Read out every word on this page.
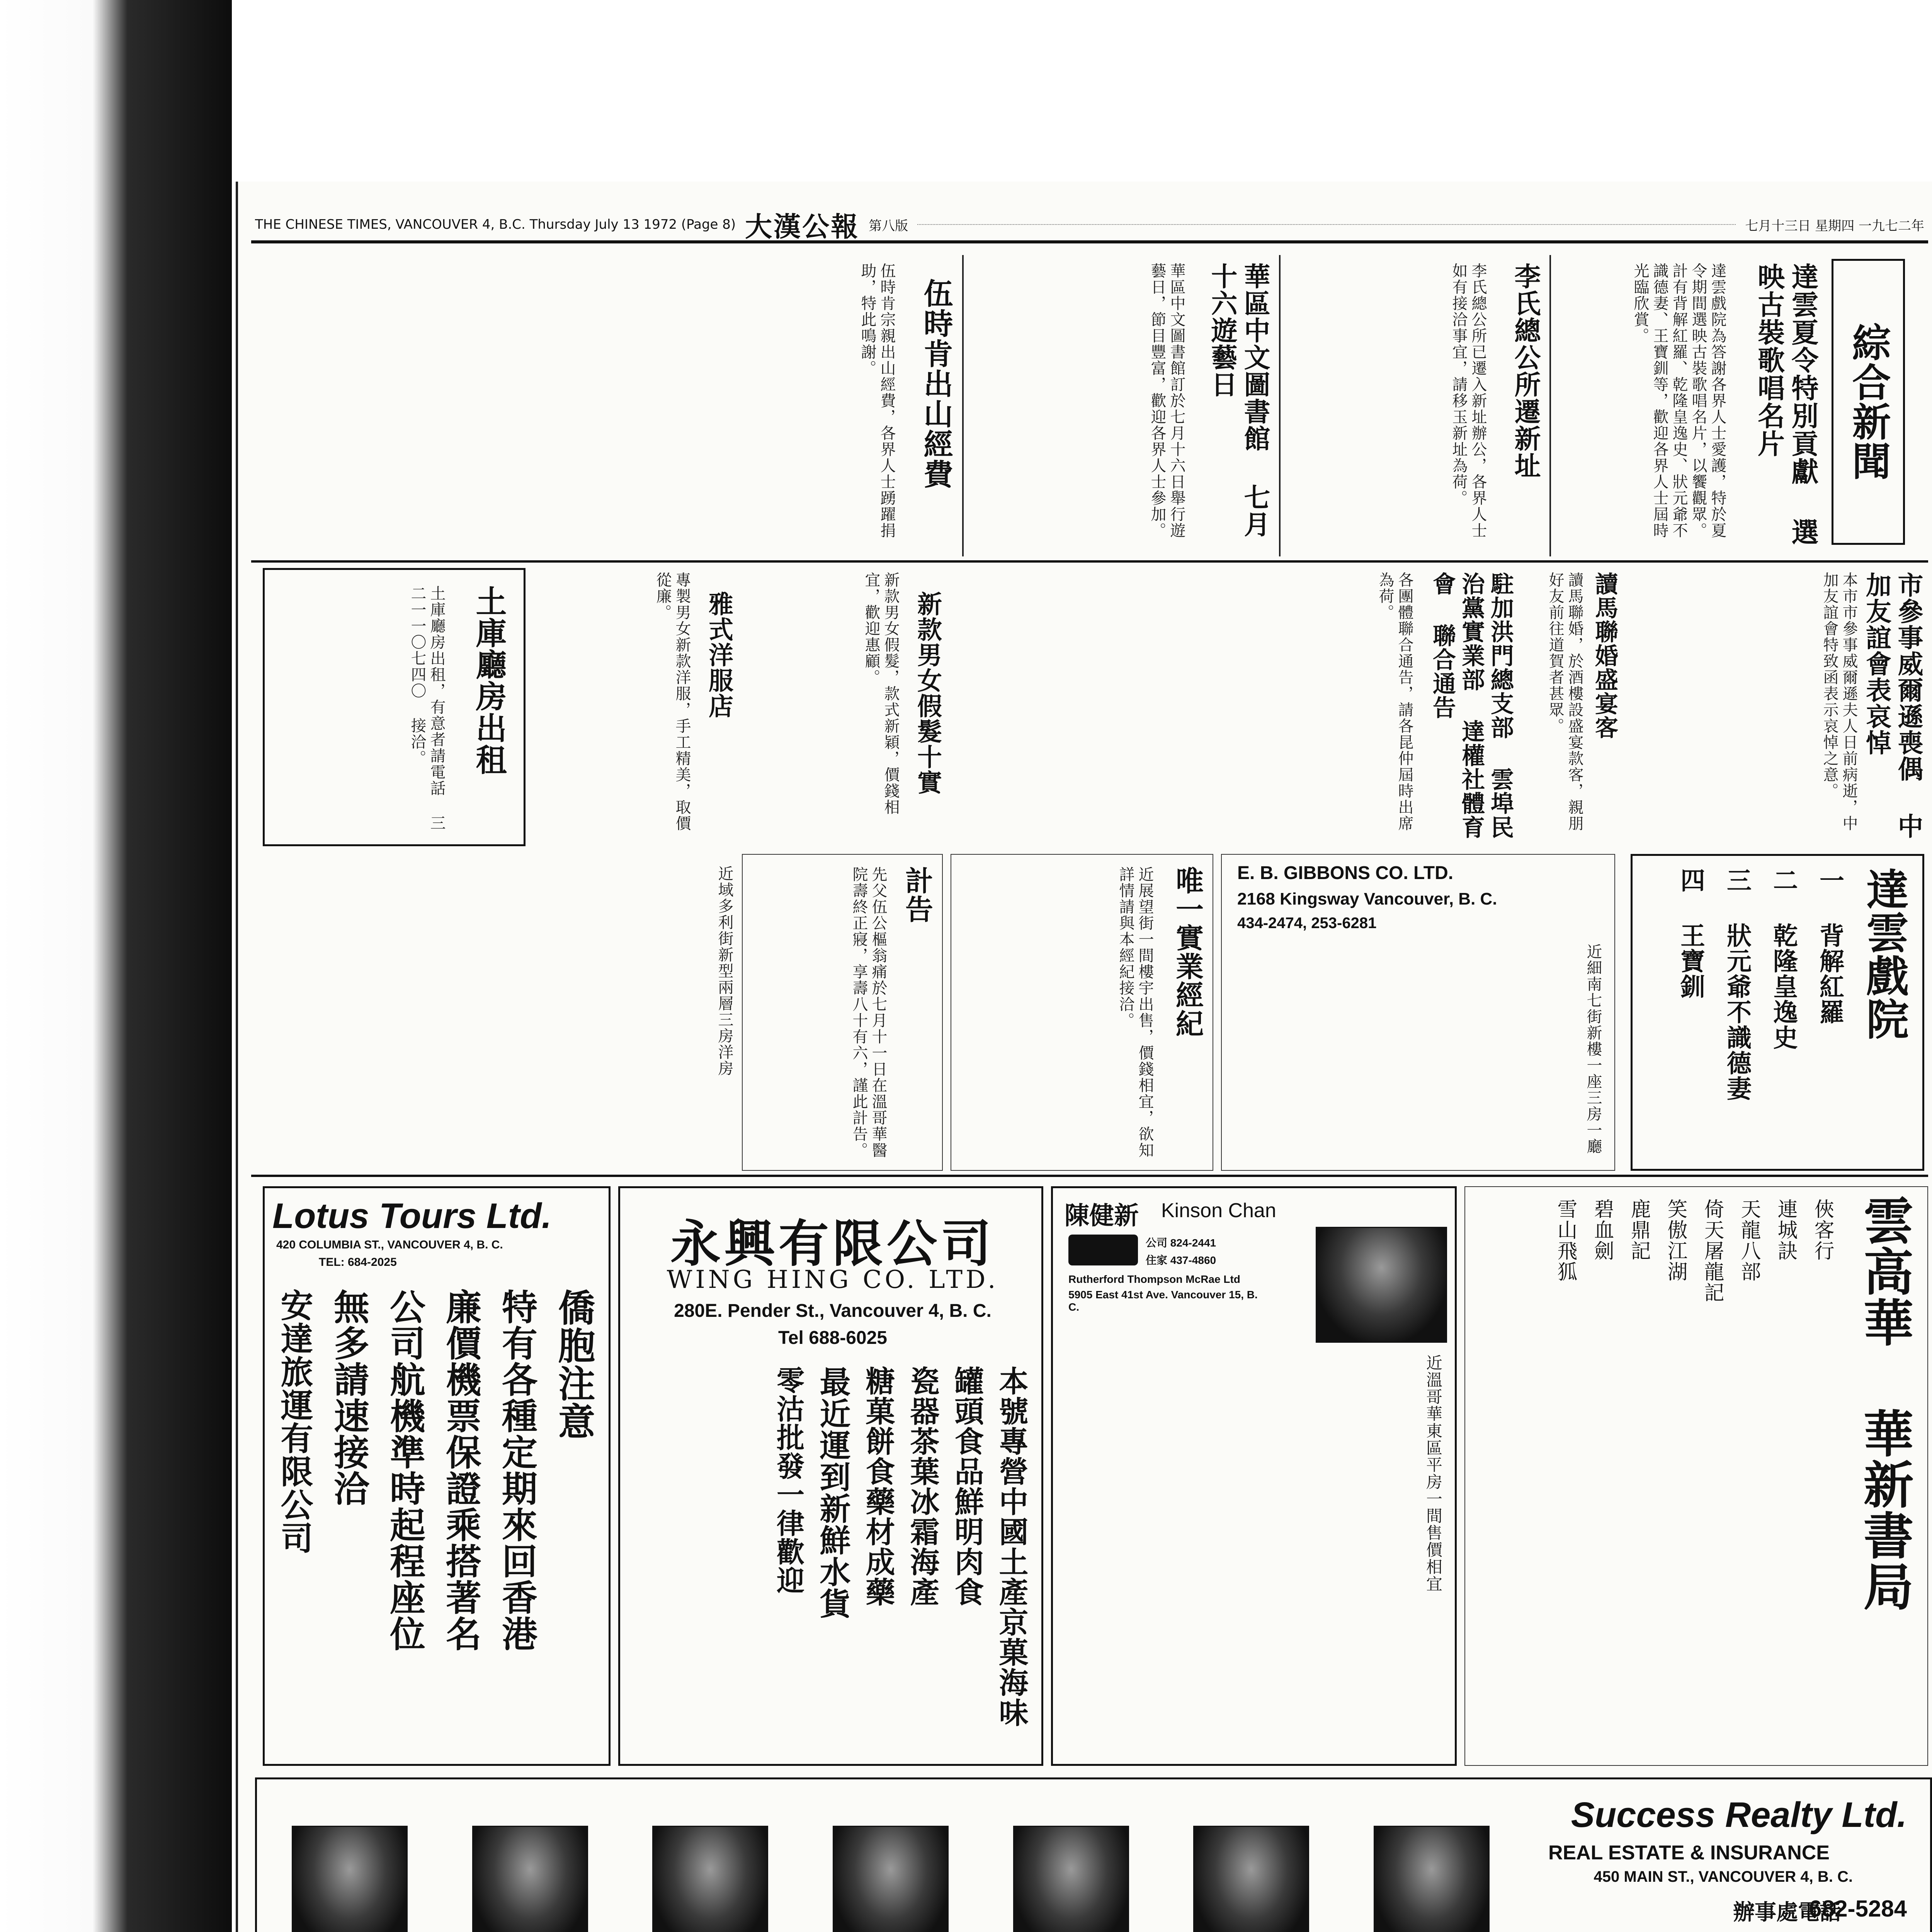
THE CHINESE TIMES, VANCOUVER 4, B.C. Thursday July 13 1972 (Page 8) 大漢公報 第八版	七月十三日 星期四 一九七二年
綜合新聞
達雲夏令特別貢獻 選映古裝歌唱名片
達雲戲院為答謝各界人士愛護，特於夏令期間選映古裝歌唱名片，以饗觀眾。計有背解紅羅、乾隆皇逸史、狀元爺不識德妻、王寶釧等，歡迎各界人士屆時光臨欣賞。
李氏總公所遷新址
李氏總公所已遷入新址辦公，各界人士如有接洽事宜，請移玉新址為荷。
華區中文圖書館 七月十六遊藝日
華區中文圖書館訂於七月十六日舉行遊藝日，節目豐富，歡迎各界人士參加。
伍時肯出山經費
伍時肯宗親出山經費，各界人士踴躍捐助，特此鳴謝。
市參事威爾遜喪偶 中加友誼會表哀悼
本市市參事威爾遜夫人日前病逝，中加友誼會特致函表示哀悼之意。
讀馬聯婚盛宴客
讀馬聯婚，於酒樓設盛宴款客，親朋好友前往道賀者甚眾。
駐加洪門總支部 雲埠民治黨實業部 達權社體育會 聯合通告
各團體聯合通告，請各昆仲屆時出席為荷。
新款男女假髮十實
新款男女假髮，款式新穎，價錢相宜，歡迎惠顧。
雅式洋服店
專製男女新款洋服，手工精美，取價從廉。
土庫廳房出租
土庫廳房出租，有意者請電話 三二一一〇七四〇 接洽。
達雲戲院
一 背解紅羅
二 乾隆皇逸史
三 狀元爺不識德妻
四 王寶釧
E. B. GIBBONS CO. LTD.
2168 Kingsway Vancouver, B. C.
434-2474, 253-6281
近細南七街新樓一座三房一廳
計告
先父伍公樞翁痛於七月十一日在溫哥華醫院壽終正寢，享壽八十有六，謹此計告。	唯一實業經紀
近展望街一間樓宇出售，價錢相宜，欲知詳情請與本經紀接洽。
近域多利街新型兩層三房洋房
Lotus Tours Ltd.
420 COLUMBIA ST., VANCOUVER 4, B. C.
TEL: 684-2025
僑胞注意
特有各種定期來回香港
廉價機票保證乘搭著名
公司航機準時起程座位
無多請速接洽
安達旅運有限公司
永興有限公司
WING HING CO. LTD.
280E. Pender St., Vancouver 4, B. C.
Tel 688-6025
本號專營中國土產京菓海味
罐頭食品鮮明肉食
瓷器茶葉冰霜海產
糖菓餅食藥材成藥
最近運到新鮮水貨
零沽批發一律歡迎
陳健新 Kinson Chan
公司 824-2441
住家 437-4860
Rutherford Thompson McRae Ltd
5905 East 41st Ave. Vancouver 15, B. C.
近溫哥華東區平房一間售價相宜	雲高華 華新書局
俠客行
連城訣
天龍八部
倚天屠龍記
笑傲江湖
鹿鼎記
碧血劍
雪山飛狐
Success Realty Ltd.
REAL ESTATE & INSURANCE
450 MAIN ST., VANCOUVER 4, B. C.
辦事處電話
682-5284
